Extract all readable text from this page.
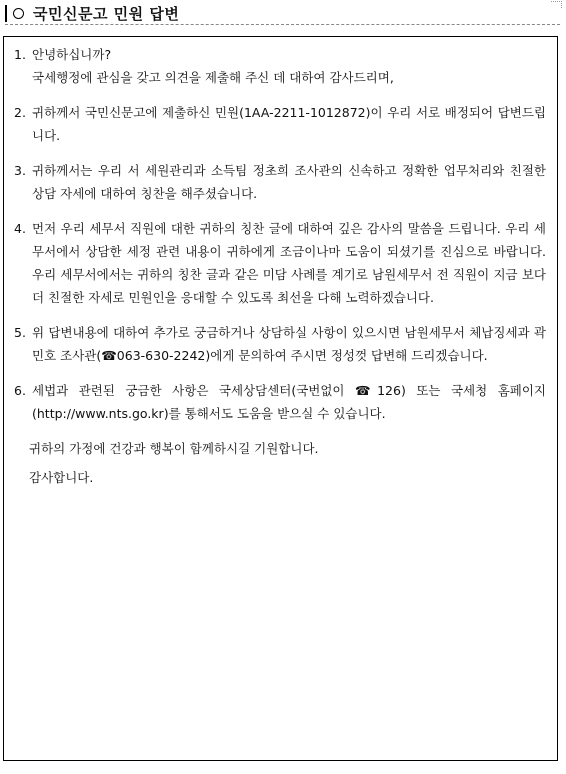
국민신문고 민원 답변
1. 안녕하십니까?
국세행정에 관심을 갖고 의견을 제출해 주신 데 대하여 감사드리며,
2. 귀하께서 국민신문고에 제출하신 민원(1AA-2211-1012872)이 우리 서로 배정되어 답변드립니다.
3. 귀하께서는 우리 서 세원관리과 소득팀 정초희 조사관의 신속하고 정확한 업무처리와 친절한 상담 자세에 대하여 칭찬을 해주셨습니다.
4. 먼저 우리 세무서 직원에 대한 귀하의 칭찬 글에 대하여 깊은 감사의 말씀을 드립니다. 우리 세무서에서 상담한 세정 관련 내용이 귀하에게 조금이나마 도움이 되셨기를 진심으로 바랍니다. 우리 세무서에서는 귀하의 칭찬 글과 같은 미담 사례를 계기로 남원세무서 전 직원이 지금 보다 더 친절한 자세로 민원인을 응대할 수 있도록 최선을 다해 노력하겠습니다.
5. 위 답변내용에 대하여 추가로 궁금하거나 상담하실 사항이 있으시면 남원세무서 체납징세과 곽민호 조사관(☎063-630-2242)에게 문의하여 주시면 정성껏 답변해 드리겠습니다.
6. 세법과 관련된 궁금한 사항은 국세상담센터(국번없이 ☎126) 또는 국세청 홈페이지(http://www.nts.go.kr)를 통해서도 도움을 받으실 수 있습니다.
귀하의 가정에 건강과 행복이 함께하시길 기원합니다.
감사합니다.
